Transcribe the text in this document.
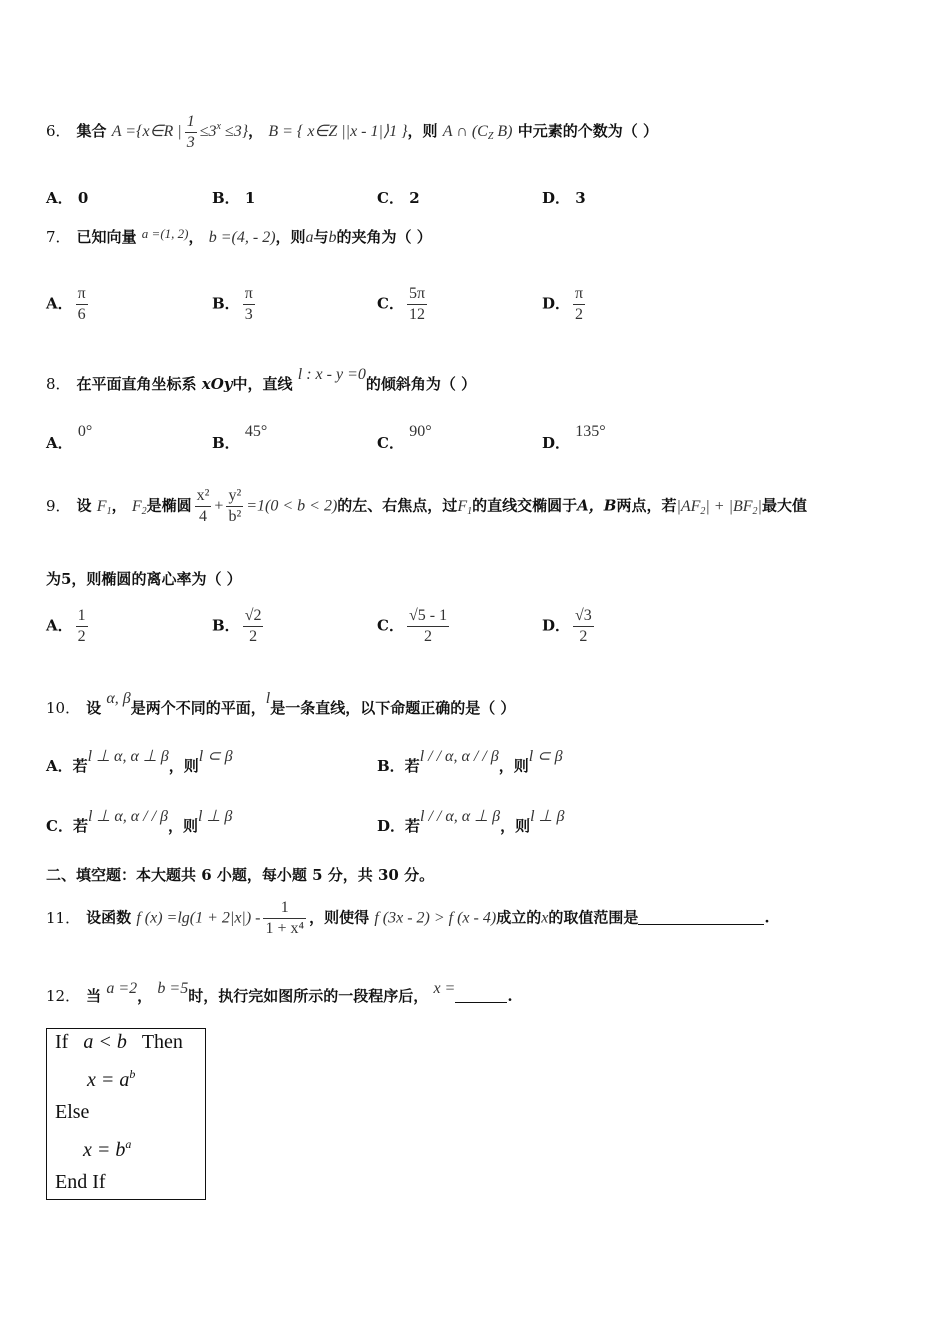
6． 集合 A ={x∈R | $\frac{1}{3} \le 3^x \le 3$}， B = { x∈Z ||x - 1|⟩1 }，则 A ∩ ($C_Z$ B) 中元素的个数为（ ）
A． 0	B． 1	C． 2	D． 3
7． 已知向量 a =(1, 2)， b =(4, - 2)，则a与b的夹角为（ ）
A． $\frac{\pi}{6}$	B． $\frac{\pi}{3}$	C． $\frac{5\pi}{12}$	D． $\frac{\pi}{2}$
8． 在平面直角坐标系 xOy中，直线 l : x - y =0的倾斜角为（ ）
A． 0°
B． 45°
C． 90°
D． 135°
9． 设 $F_1$， $F_2$是椭圆 $\frac{\text{x²}}{4} + \frac{\text{y²}}{\text{b²}} =1(0 < b < 2)$的左、右焦点，过$F_1$的直线交椭圆于A，B两点，若$|AF_2| + |BF_2|$最大值
为5，则椭圆的离心率为（ ）
A． $\frac{1}{2}$	B． $\frac{√2}{2}$	C． $\frac{√5 - 1}{2}$	D． $\frac{√3}{2}$
10． 设 α, β是两个不同的平面，l是一条直线，以下命题正确的是（ ）
A．若l ⊥ α, α ⊥ β，则l ⊂ β
B．若l / / α, α / / β，则l ⊂ β
C．若l ⊥ α, α / / β，则l ⊥ β
D．若l / / α, α ⊥ β，则l ⊥ β
二、填空题：本大题共 6 小题，每小题 5 分，共 30 分。
11． 设函数 f $(x) =\lg(1 + 2|x|) - \frac{1}{\text{1 + x⁴}}$ ，则使得 f (3x - 2) > f (x - 4)成立的x的取值范围是	.
12． 当 a =2， b =5时，执行完如图所示的一段程序后， x =	.
If a < b Then
$x = a^b$
Else
$x = b^a$
End If
